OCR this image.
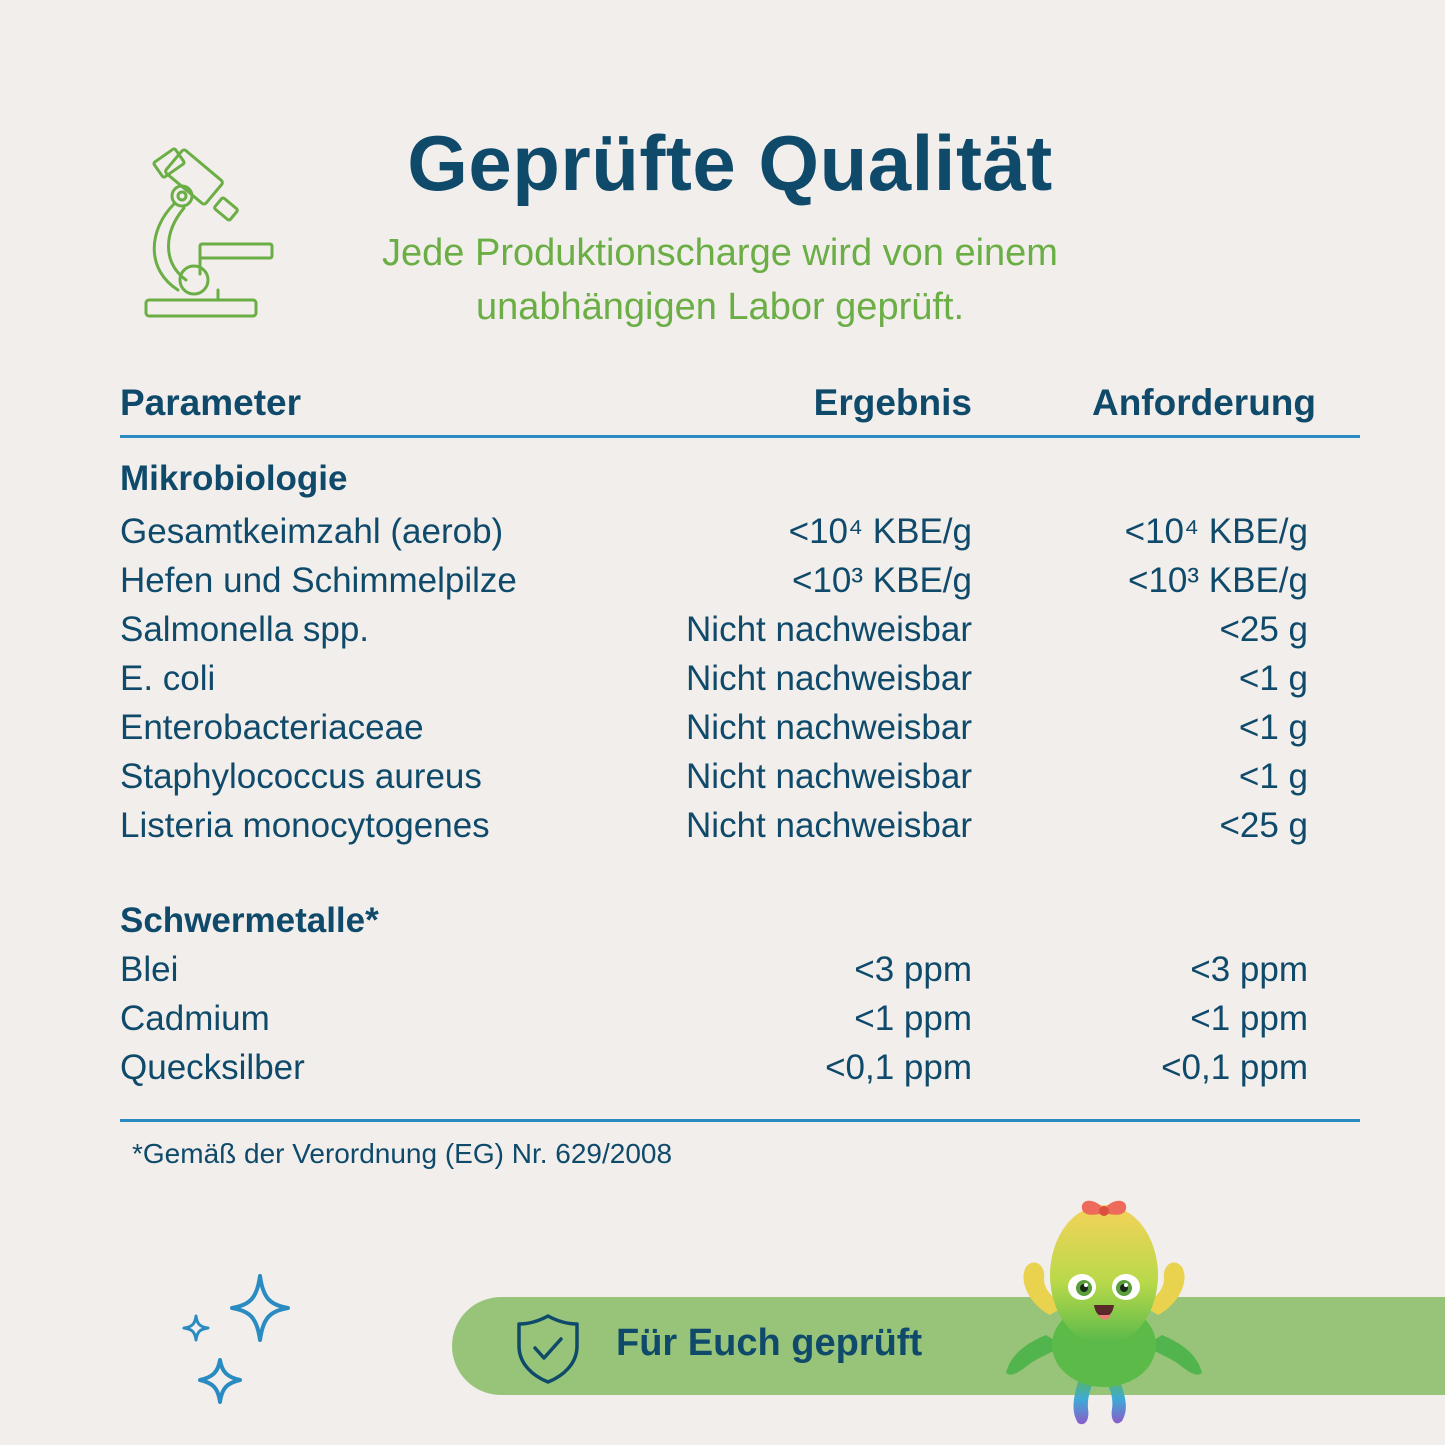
Geprüfte Qualität
Jede Produktionscharge wird von einem
unabhängigen Labor geprüft.
Parameter	Ergebnis	Anforderung
Mikrobiologie
Gesamtkeimzahl (aerob)	<10⁴ KBE/g	<10⁴ KBE/g
Hefen und Schimmelpilze	<10³ KBE/g	<10³ KBE/g
Salmonella spp.	Nicht nachweisbar	<25 g
E. coli	Nicht nachweisbar	<1 g
Enterobacteriaceae	Nicht nachweisbar	<1 g
Staphylococcus aureus	Nicht nachweisbar	<1 g
Listeria monocytogenes	Nicht nachweisbar	<25 g
Schwermetalle*
Blei	<3 ppm	<3 ppm
Cadmium	<1 ppm	<1 ppm
Quecksilber	<0,1 ppm	<0,1 ppm
*Gemäß der Verordnung (EG) Nr. 629/2008
Für Euch geprüft
